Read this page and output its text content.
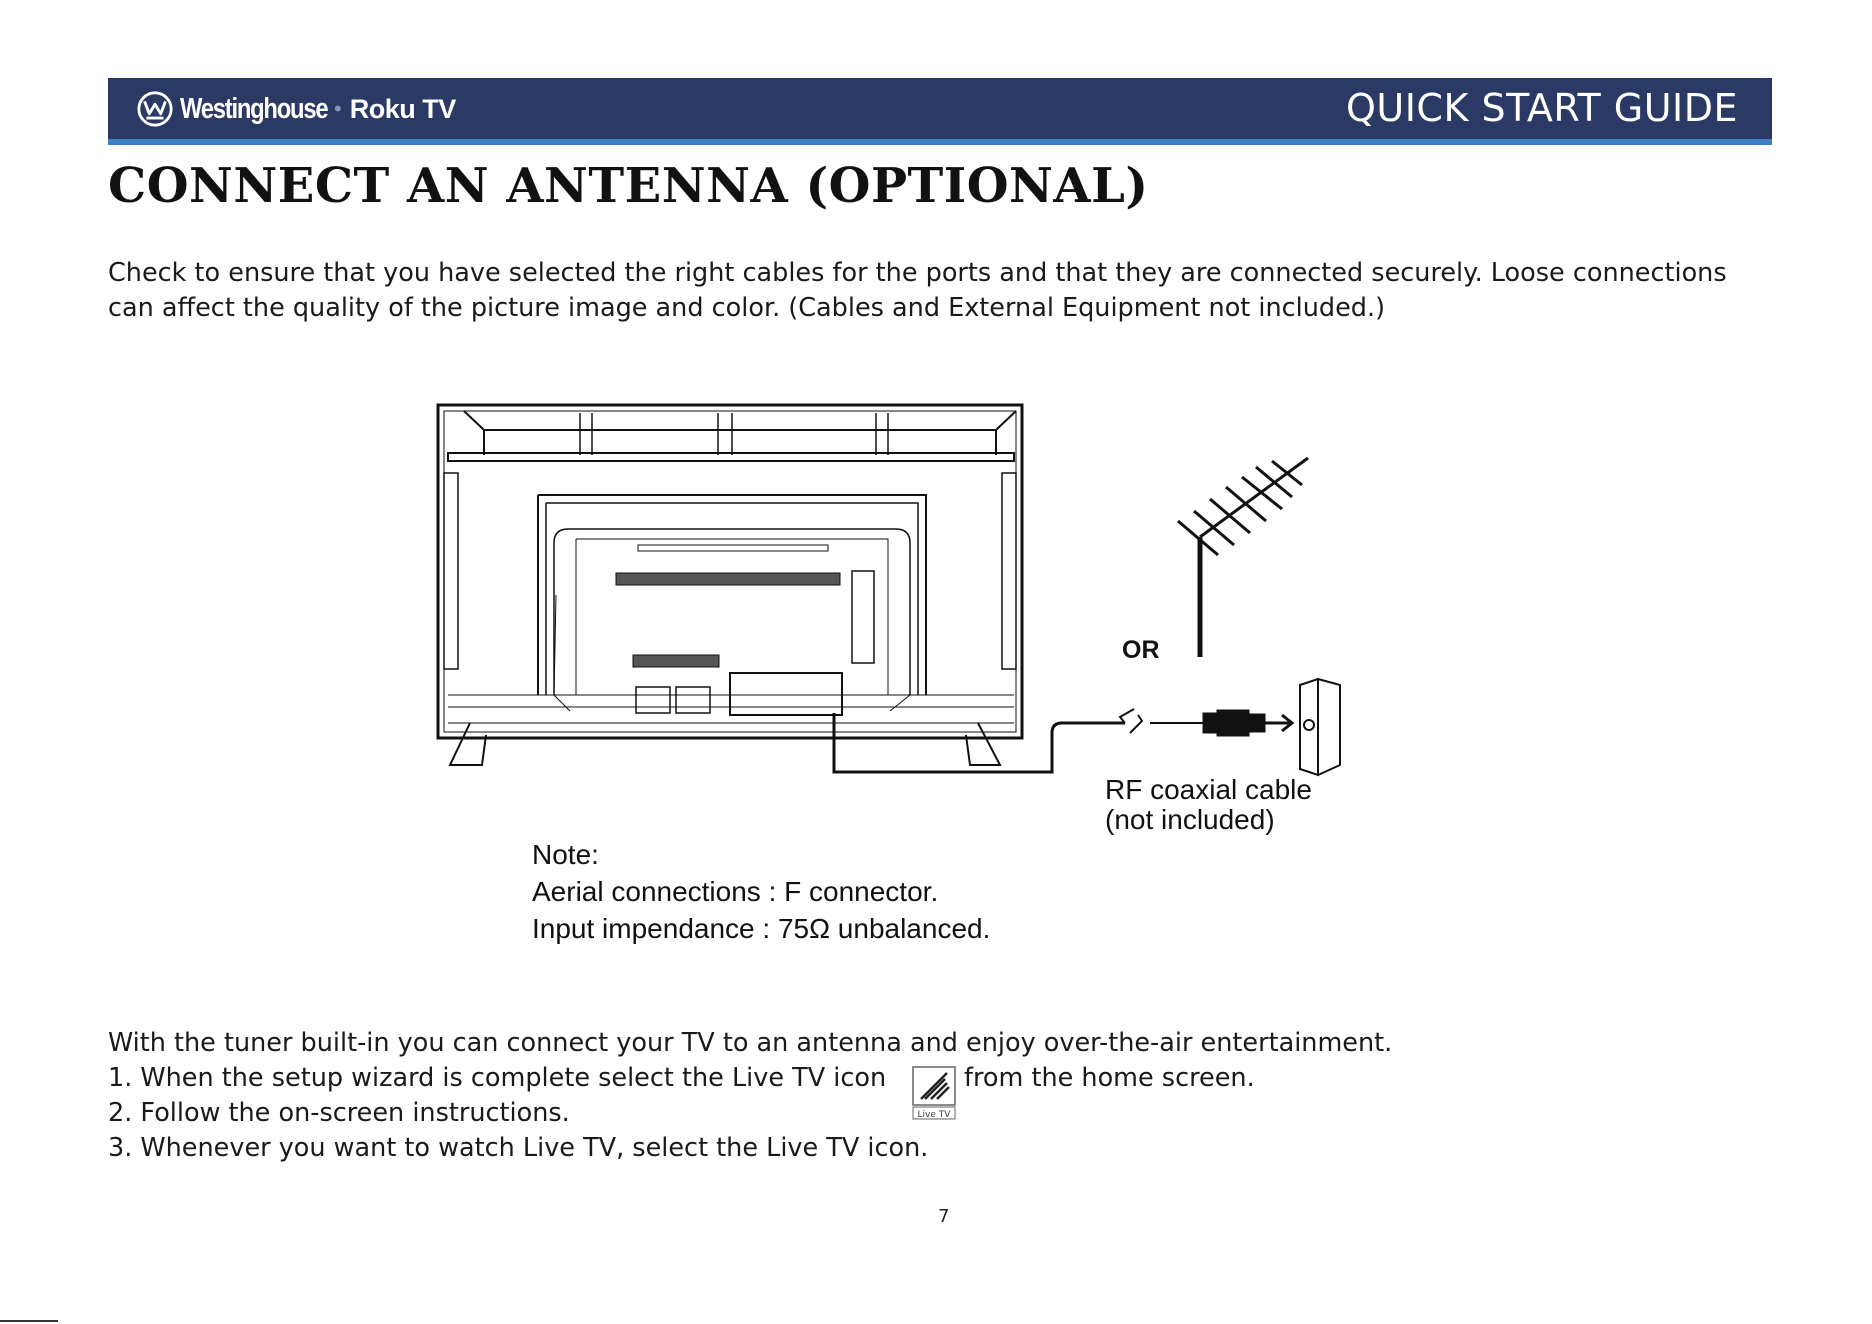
Westinghouse • Roku TV	QUICK START GUIDE
CONNECT AN ANTENNA (OPTIONAL)

Check to ensure that you have selected the right cables for the ports and that they are connected securely. Loose connections

can affect the quality of the picture image and color. (Cables and External Equipment not included.)

OR
RF coaxial cable
(not included)
Note:
Aerial connections : F connector.
Input impendance : 75Ω unbalanced.
With the tuner built-in you can connect your TV to an antenna and enjoy over-the-air entertainment.
1. When the setup wizard is complete select the Live TV icon
Live TV
from the home screen.
2. Follow the on-screen instructions.
3. Whenever you want to watch Live TV, select the Live TV icon.
7
